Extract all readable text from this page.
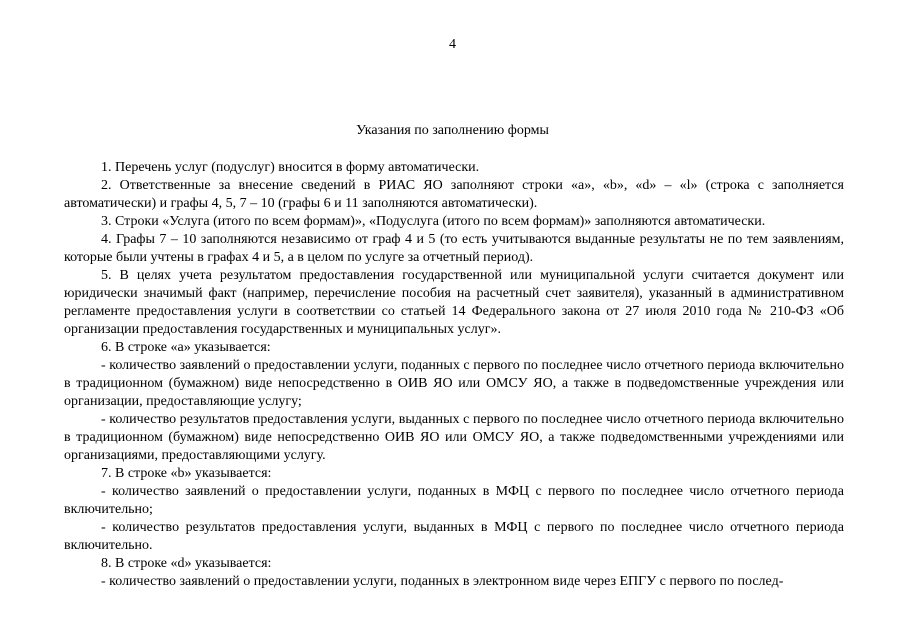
4
Указания по заполнению формы

1. Перечень услуг (подуслуг) вносится в форму автоматически.

2. Ответственные за внесение сведений в РИАС ЯО заполняют строки «a», «b», «d» – «l» (строка с заполняется автоматически) и графы 4, 5, 7 – 10 (графы 6 и 11 заполняются автоматически).

3. Строки «Услуга (итого по всем формам)», «Подуслуга (итого по всем формам)» заполняются автоматически.

4. Графы 7 – 10 заполняются независимо от граф 4 и 5 (то есть учитываются выданные результаты не по тем заявлениям, которые были учтены в графах 4 и 5, а в целом по услуге за отчетный период).

5. В целях учета результатом предоставления государственной или муниципальной услуги считается документ или юридически значимый факт (например, перечисление пособия на расчетный счет заявителя), указанный в административном регламенте предоставления услуги в соответствии со статьей 14 Федерального закона от 27 июля 2010 года № 210-ФЗ «Об организации предоставления государственных и муниципальных услуг».

6. В строке «a» указывается:

- количество заявлений о предоставлении услуги, поданных с первого по последнее число отчетного периода включительно в традиционном (бумажном) виде непосредственно в ОИВ ЯО или ОМСУ ЯО, а также в подведомственные учреждения или организации, предоставляющие услугу;

- количество результатов предоставления услуги, выданных с первого по последнее число отчетного периода включительно в традиционном (бумажном) виде непосредственно ОИВ ЯО или ОМСУ ЯО, а также подведомственными учреждениями или организациями, предоставляющими услугу.

7. В строке «b» указывается:

- количество заявлений о предоставлении услуги, поданных в МФЦ с первого по последнее число отчетного периода включительно;

- количество результатов предоставления услуги, выданных в МФЦ с первого по последнее число отчетного периода включительно.

8. В строке «d» указывается:

- количество заявлений о предоставлении услуги, поданных в электронном виде через ЕПГУ с первого по послед-
